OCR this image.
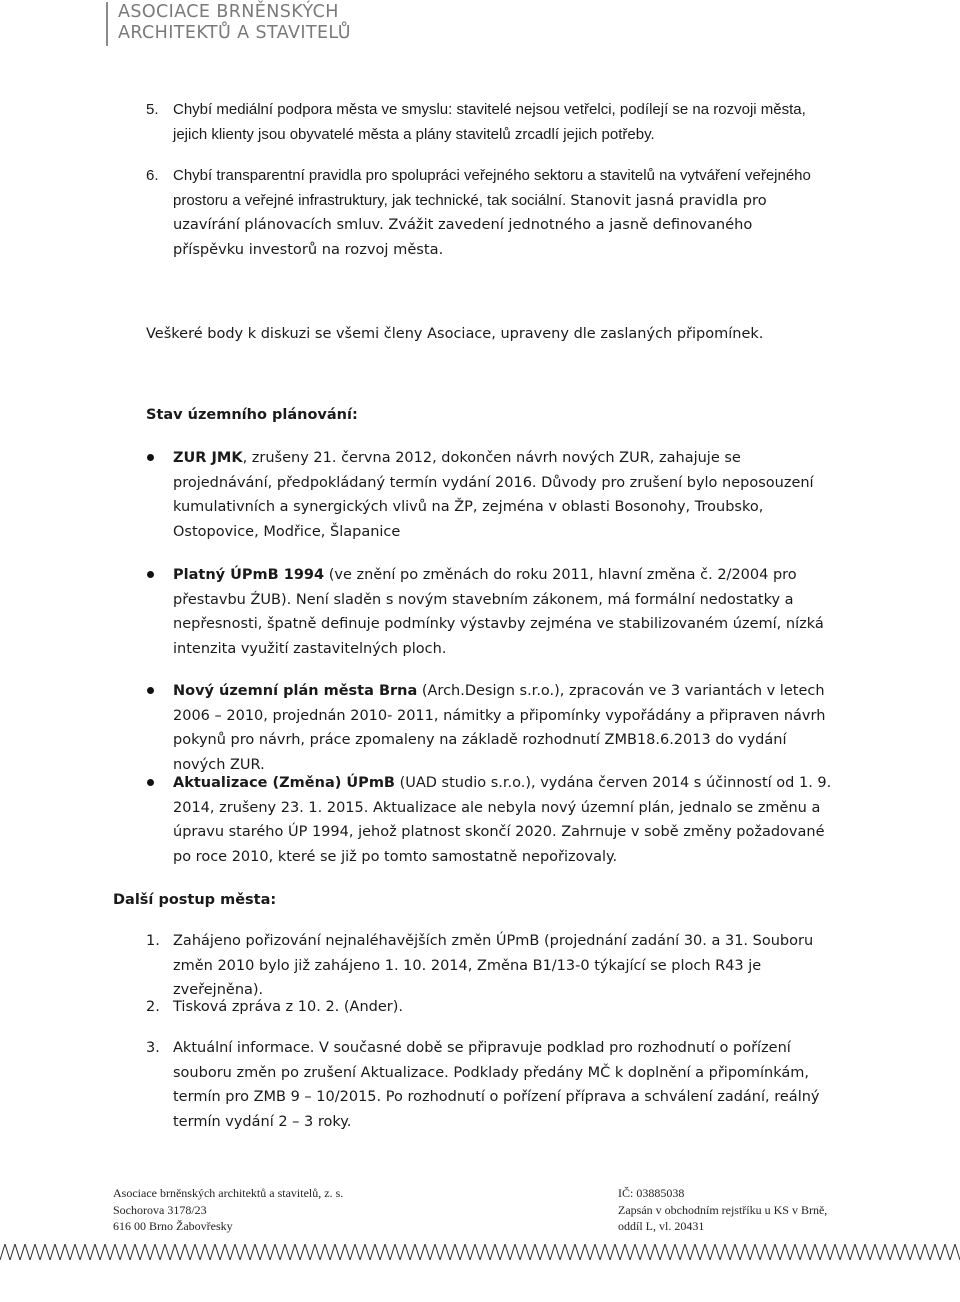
ASOCIACE BRNĚNSKÝCH
ARCHITEKTŮ A STAVITELŮ
5. Chybí mediální podpora města ve smyslu: stavitelé nejsou vetřelci, podílejí se na rozvoji města, jejich klienty jsou obyvatelé města a plány stavitelů zrcadlí jejich potřeby.
6. Chybí transparentní pravidla pro spolupráci veřejného sektoru a stavitelů na vytváření veřejného prostoru a veřejné infrastruktury, jak technické, tak sociální. Stanovit jasná pravidla pro uzavírání plánovacích smluv. Zvážit zavedení jednotného a jasně definovaného příspěvku investorů na rozvoj města.
Veškeré body k diskuzi se všemi členy Asociace, upraveny dle zaslaných připomínek.
Stav územního plánování:
ZUR JMK, zrušeny 21. června 2012, dokončen návrh nových ZUR, zahajuje se projednávání, předpokládaný termín vydání 2016. Důvody pro zrušení bylo neposouzení kumulativních a synergických vlivů na ŽP, zejména v oblasti Bosonohy, Troubsko, Ostopovice, Modřice, Šlapanice
Platný ÚPmB 1994 (ve znění po změnách do roku 2011, hlavní změna č. 2/2004 pro přestavbu ŹUB). Není sladěn s novým stavebním zákonem, má formální nedostatky a nepřesnosti, špatně definuje podmínky výstavby zejména ve stabilizovaném území, nízká intenzita využití zastavitelných ploch.
Nový územní plán města Brna (Arch.Design s.r.o.), zpracován ve 3 variantách v letech 2006 – 2010, projednán 2010- 2011, námitky a připomínky vypořádány a připraven návrh pokynů pro návrh, práce zpomaleny na základě rozhodnutí ZMB18.6.2013 do vydání nových ZUR.
Aktualizace (Změna) ÚPmB (UAD studio s.r.o.), vydána červen 2014 s účinností od 1. 9. 2014, zrušeny 23. 1. 2015. Aktualizace ale nebyla nový územní plán, jednalo se změnu a úpravu starého ÚP 1994, jehož platnost skončí 2020. Zahrnuje v sobě změny požadované po roce 2010, které se již po tomto samostatně nepořizovaly.
Další postup města:
1. Zahájeno pořizování nejnaléhavějších změn ÚPmB (projednání zadání 30. a 31. Souboru změn 2010 bylo již zahájeno 1. 10. 2014, Změna B1/13-0 týkající se ploch R43 je zveřejněna).
2. Tisková zpráva z 10. 2. (Ander).
3. Aktuální informace. V současné době se připravuje podklad pro rozhodnutí o pořízení souboru změn po zrušení Aktualizace. Podklady předány MČ k doplnění a připomínkám, termín pro ZMB 9 – 10/2015. Po rozhodnutí o pořízení příprava a schválení zadání, reálný termín vydání 2 – 3 roky.
Asociace brněnských architektů a stavitelů, z. s.
Sochorova 3178/23
616 00 Brno Žabovřesky
IČ: 03885038
Zapsán v obchodním rejstříku u KS v Brně,
oddíl L, vl. 20431
